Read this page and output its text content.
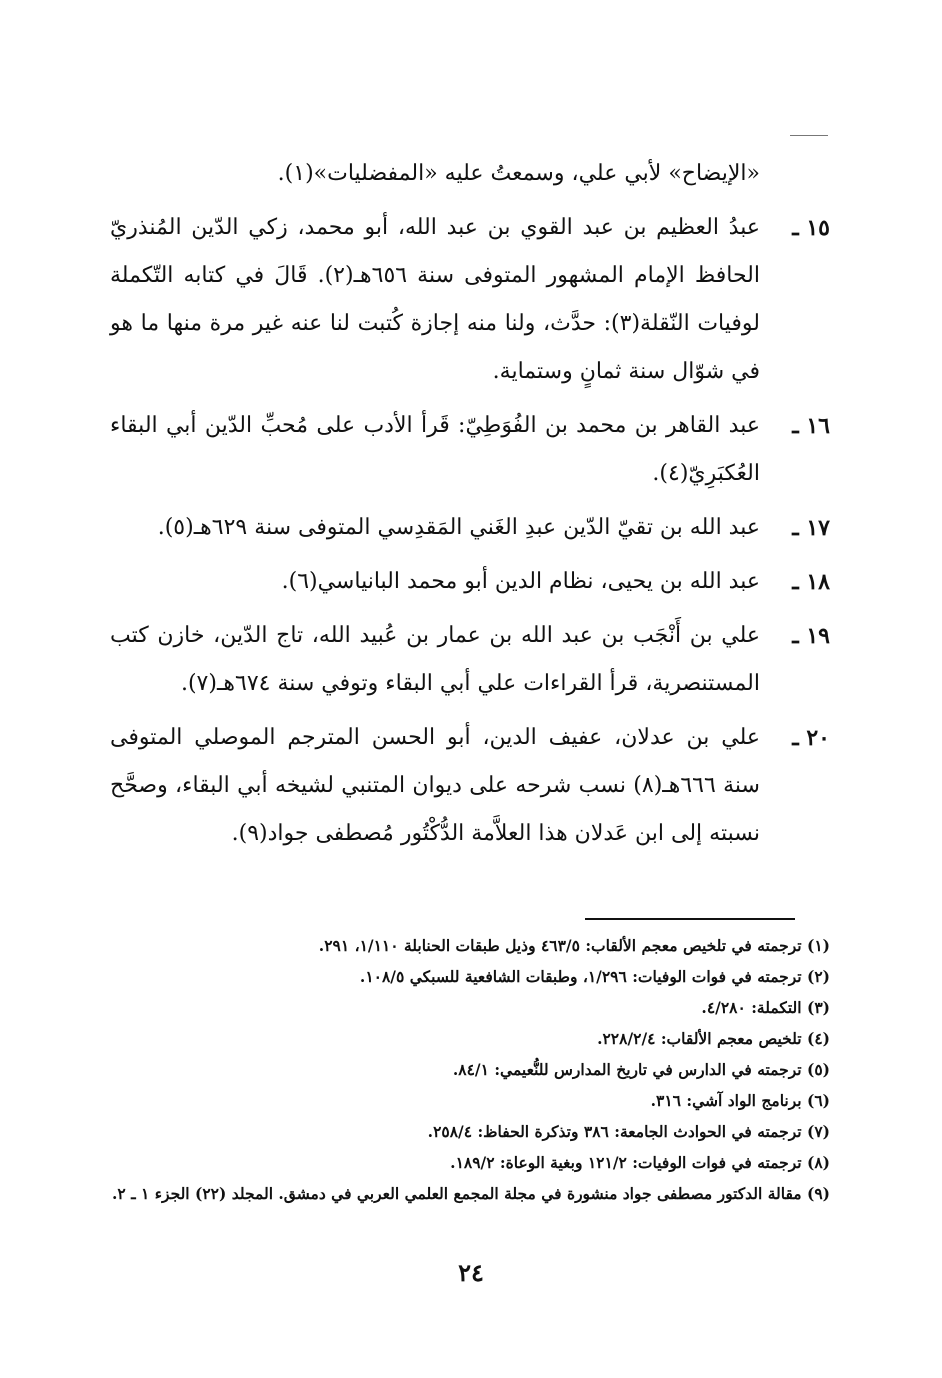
«الإيضاح» لأبي علي، وسمعتُ عليه «المفضليات»(١).

١٥ ـ
عبدُ العظيم بن عبد القوي بن عبد الله، أبو محمد، زكي الدّين المُنذريّ الحافظ الإمام المشهور المتوفى سنة ٦٥٦هـ(٢). قَالَ في كتابه التّكملة لوفيات النّقلة(٣): حدَّث، ولنا منه إجازة كُتبت لنا عنه غير مرة منها ما هو في شوّال سنة ثمانٍ وستماية.
١٦ ـ
عبد القاهر بن محمد بن الفُوَطِيّ: قَرأ الأدب على مُحبِّ الدّين أبي البقاء العُكبَرِيّ(٤).
١٧ ـ
عبد الله بن تقيّ الدّين عبدِ الغَني المَقدِسي المتوفى سنة ٦٢٩هـ(٥).
١٨ ـ
عبد الله بن يحيى، نظام الدين أبو محمد البانياسي(٦).
١٩ ـ
علي بن أَنْجَب بن عبد الله بن عمار بن عُبيد الله، تاج الدّين، خازن كتب المستنصرية، قرأ القراءات علي أبي البقاء وتوفي سنة ٦٧٤هـ(٧).
٢٠ ـ
علي بن عدلان، عفيف الدين، أبو الحسن المترجم الموصلي المتوفى سنة ٦٦٦هـ(٨) نسب شرحه على ديوان المتنبي لشيخه أبي البقاء، وصحَّح نسبته إلى ابن عَدلان هذا العلاَّمة الدُّكْتُور مُصطفى جواد(٩).
(١) ترجمته في تلخيص معجم الألقاب: ٤٦٣/٥ وذيل طبقات الحنابلة ١/١١٠، ٢٩١.
(٢) ترجمته في فوات الوفيات: ١/٢٩٦، وطبقات الشافعية للسبكي ١٠٨/٥.
(٣) التكملة: ٤/٢٨٠.
(٤) تلخيص معجم الألقاب: ٢٢٨/٢/٤.
(٥) ترجمته في الدارس في تاريخ المدارس للنُّعيمي: ٨٤/١.
(٦) برنامج الواد آشي: ٣١٦.
(٧) ترجمته في الحوادث الجامعة: ٣٨٦ وتذكرة الحفاظ: ٢٥٨/٤.
(٨) ترجمته في فوات الوفيات: ١٢١/٢ وبغية الوعاة: ١٨٩/٢.
(٩) مقالة الدكتور مصطفى جواد منشورة في مجلة المجمع العلمي العربي في دمشق. المجلد (٢٢) الجزء ١ ـ ٢.
٢٤
